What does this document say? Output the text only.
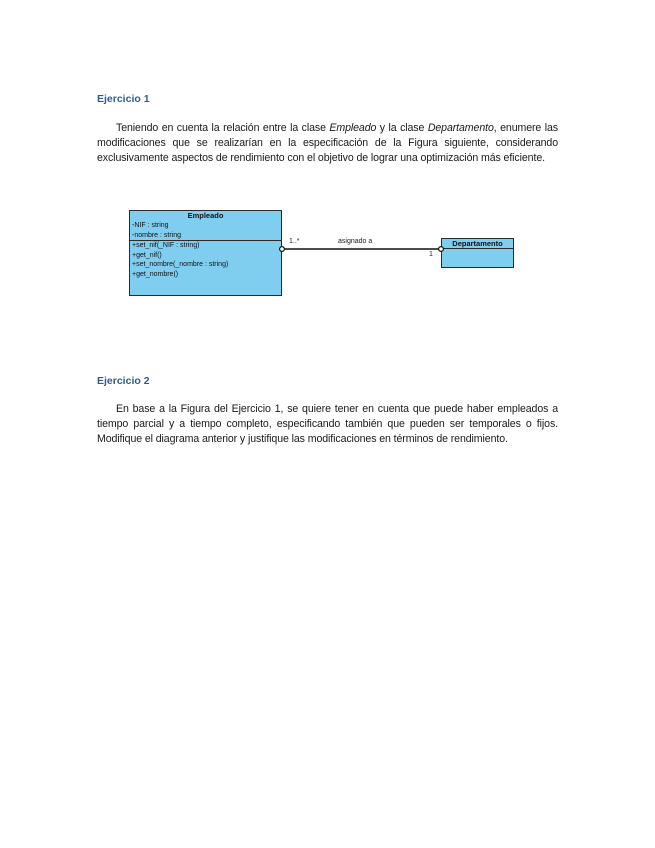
Ejercicio 1

Teniendo en cuenta la relación entre la clase Empleado y la clase Departamento, enumere las modificaciones que se realizarían en la especificación de la Figura siguiente, considerando exclusivamente aspectos de rendimiento con el objetivo de lograr una optimización más eficiente.

Empleado
-NIF : string
-nombre : string
+set_nif(_NIF : string)
+get_nif()
+set_nombre(_nombre : string)
+get_nombre()
Departamento
1..*	asignado a
1
Ejercicio 2

En base a la Figura del Ejercicio 1, se quiere tener en cuenta que puede haber empleados a tiempo parcial y a tiempo completo, especificando también que pueden ser temporales o fijos. Modifique el diagrama anterior y justifique las modificaciones en términos de rendimiento.
